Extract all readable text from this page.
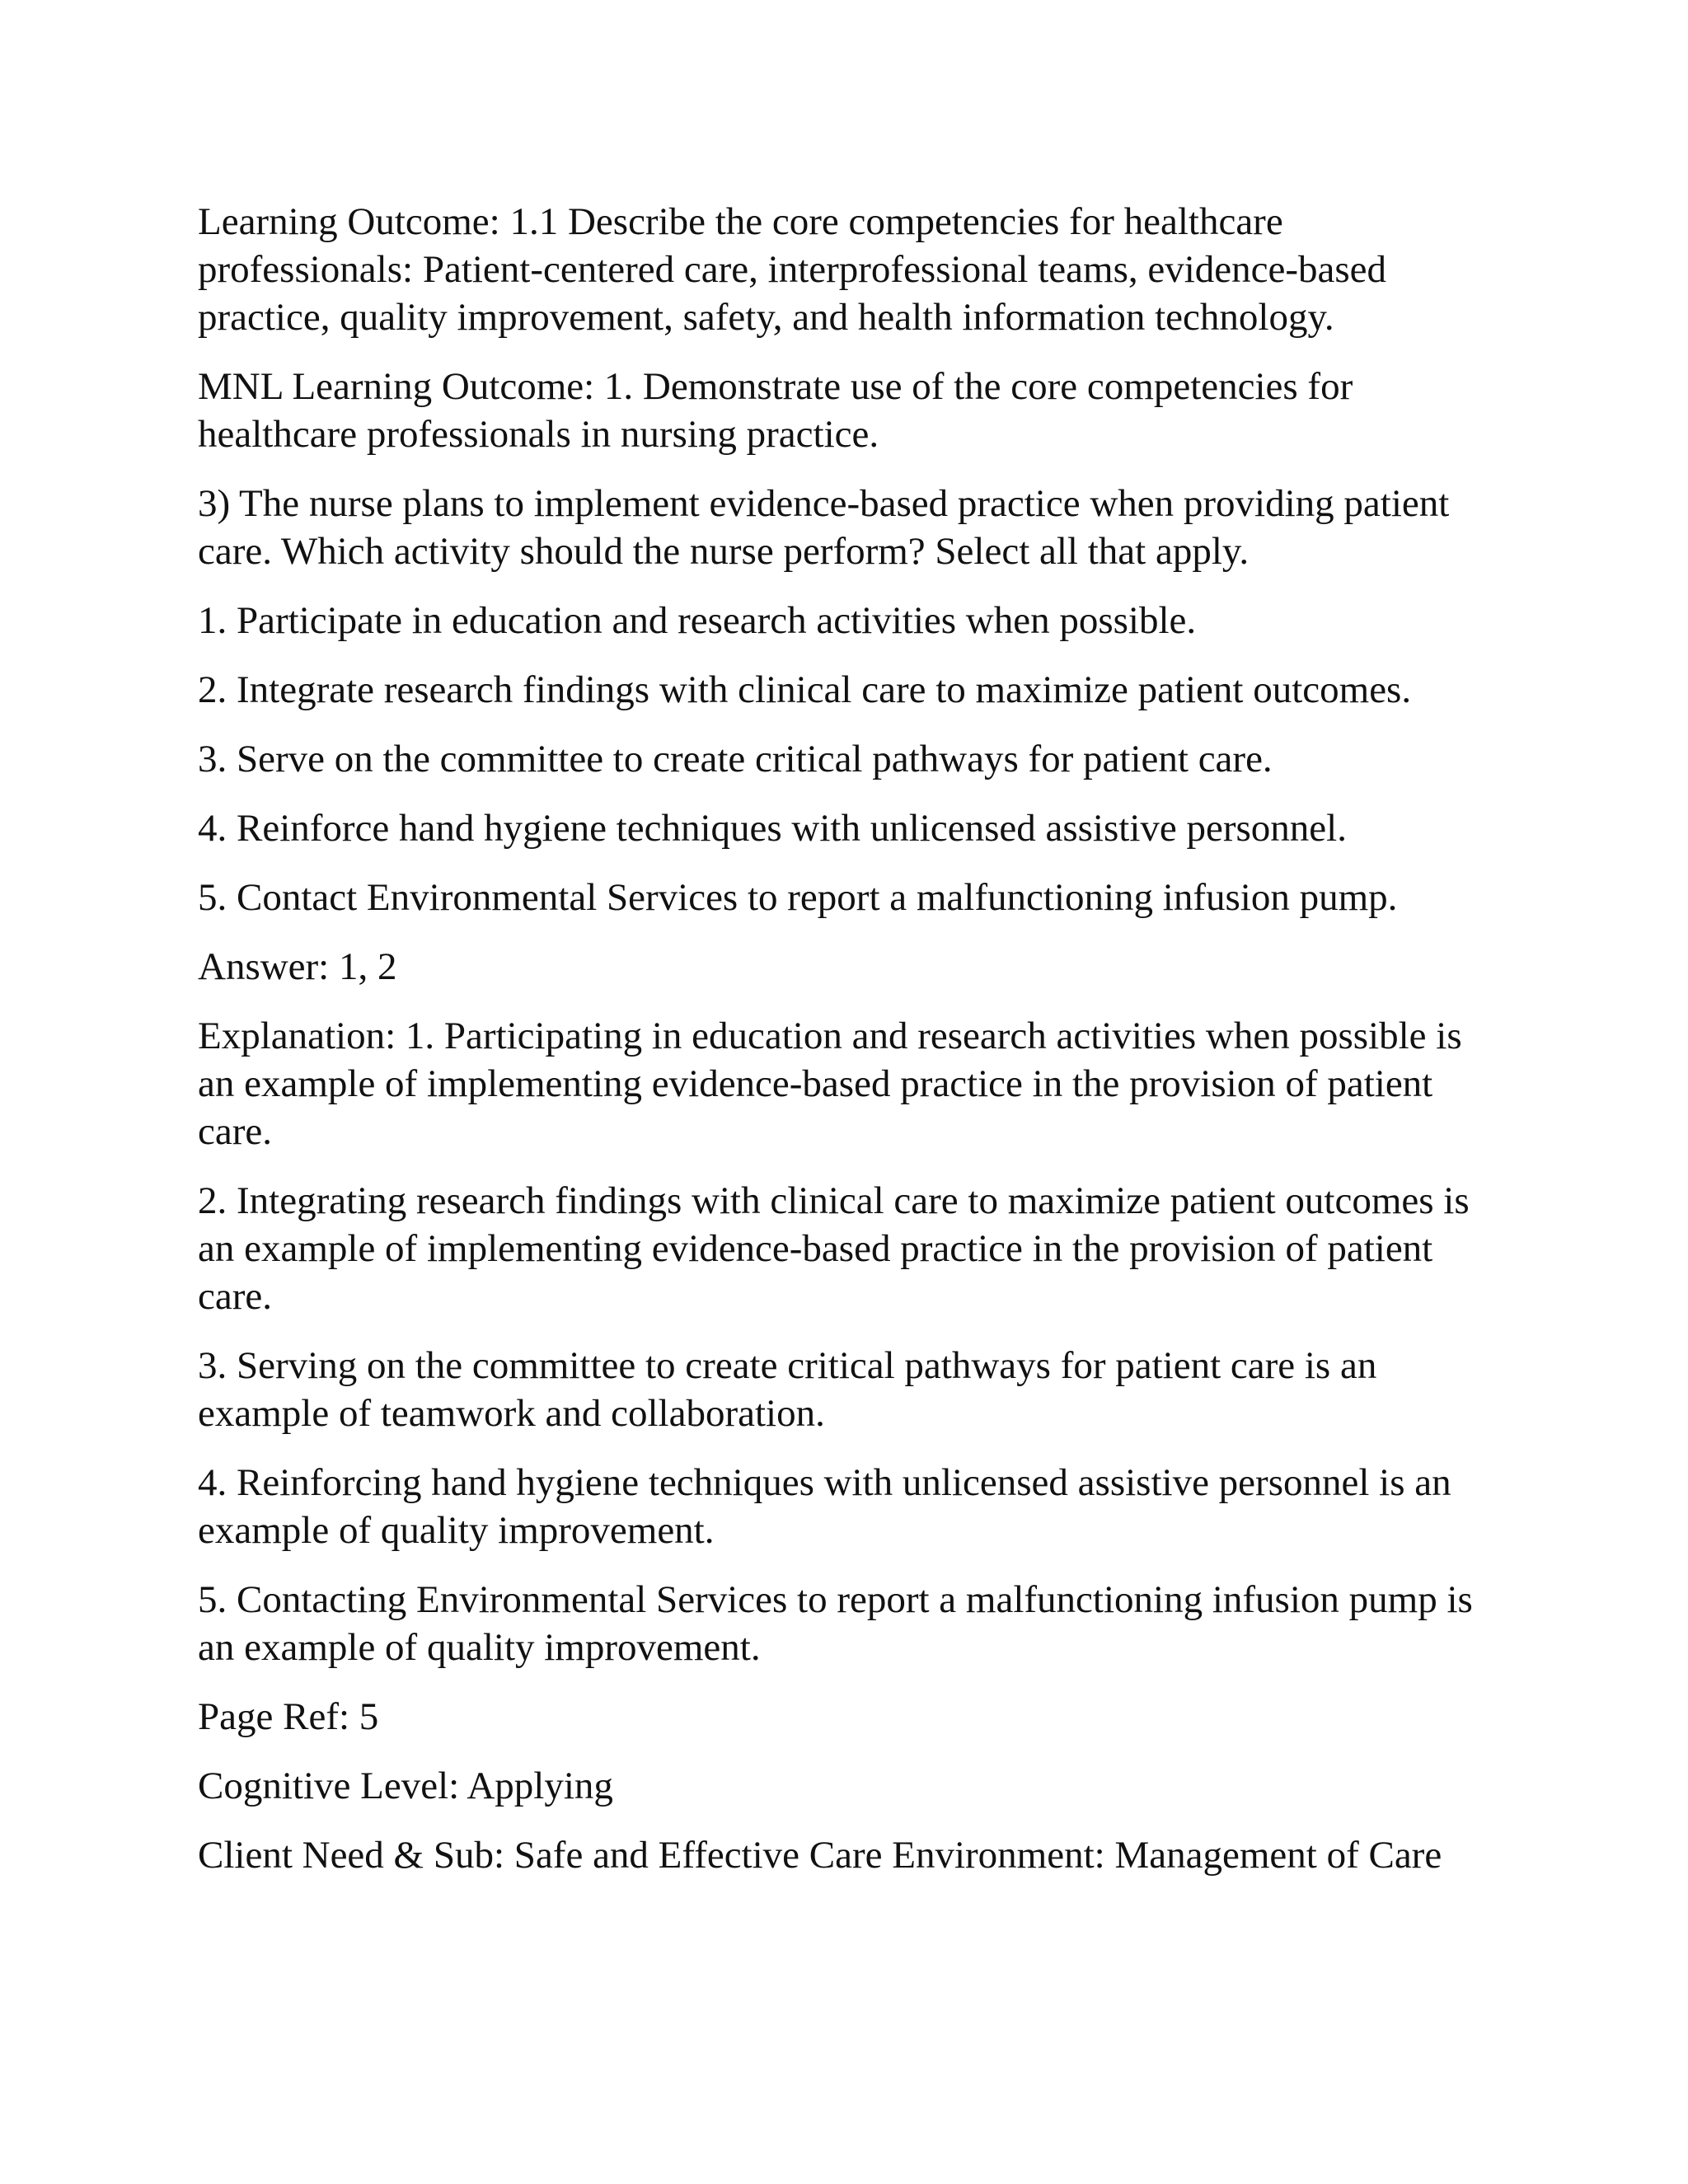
Learning Outcome: 1.1 Describe the core competencies for healthcare professionals: Patient-centered care, interprofessional teams, evidence-based practice, quality improvement, safety, and health information technology.

MNL Learning Outcome: 1. Demonstrate use of the core competencies for healthcare professionals in nursing practice.

3) The nurse plans to implement evidence-based practice when providing patient care. Which activity should the nurse perform? Select all that apply.

1. Participate in education and research activities when possible.

2. Integrate research findings with clinical care to maximize patient outcomes.

3. Serve on the committee to create critical pathways for patient care.

4. Reinforce hand hygiene techniques with unlicensed assistive personnel.

5. Contact Environmental Services to report a malfunctioning infusion pump.

Answer: 1, 2

Explanation: 1. Participating in education and research activities when possible is an example of implementing evidence-based practice in the provision of patient care.

2. Integrating research findings with clinical care to maximize patient outcomes is an example of implementing evidence-based practice in the provision of patient care.

3. Serving on the committee to create critical pathways for patient care is an example of teamwork and collaboration.

4. Reinforcing hand hygiene techniques with unlicensed assistive personnel is an example of quality improvement.

5. Contacting Environmental Services to report a malfunctioning infusion pump is an example of quality improvement.

Page Ref: 5

Cognitive Level: Applying

Client Need & Sub: Safe and Effective Care Environment: Management of Care
